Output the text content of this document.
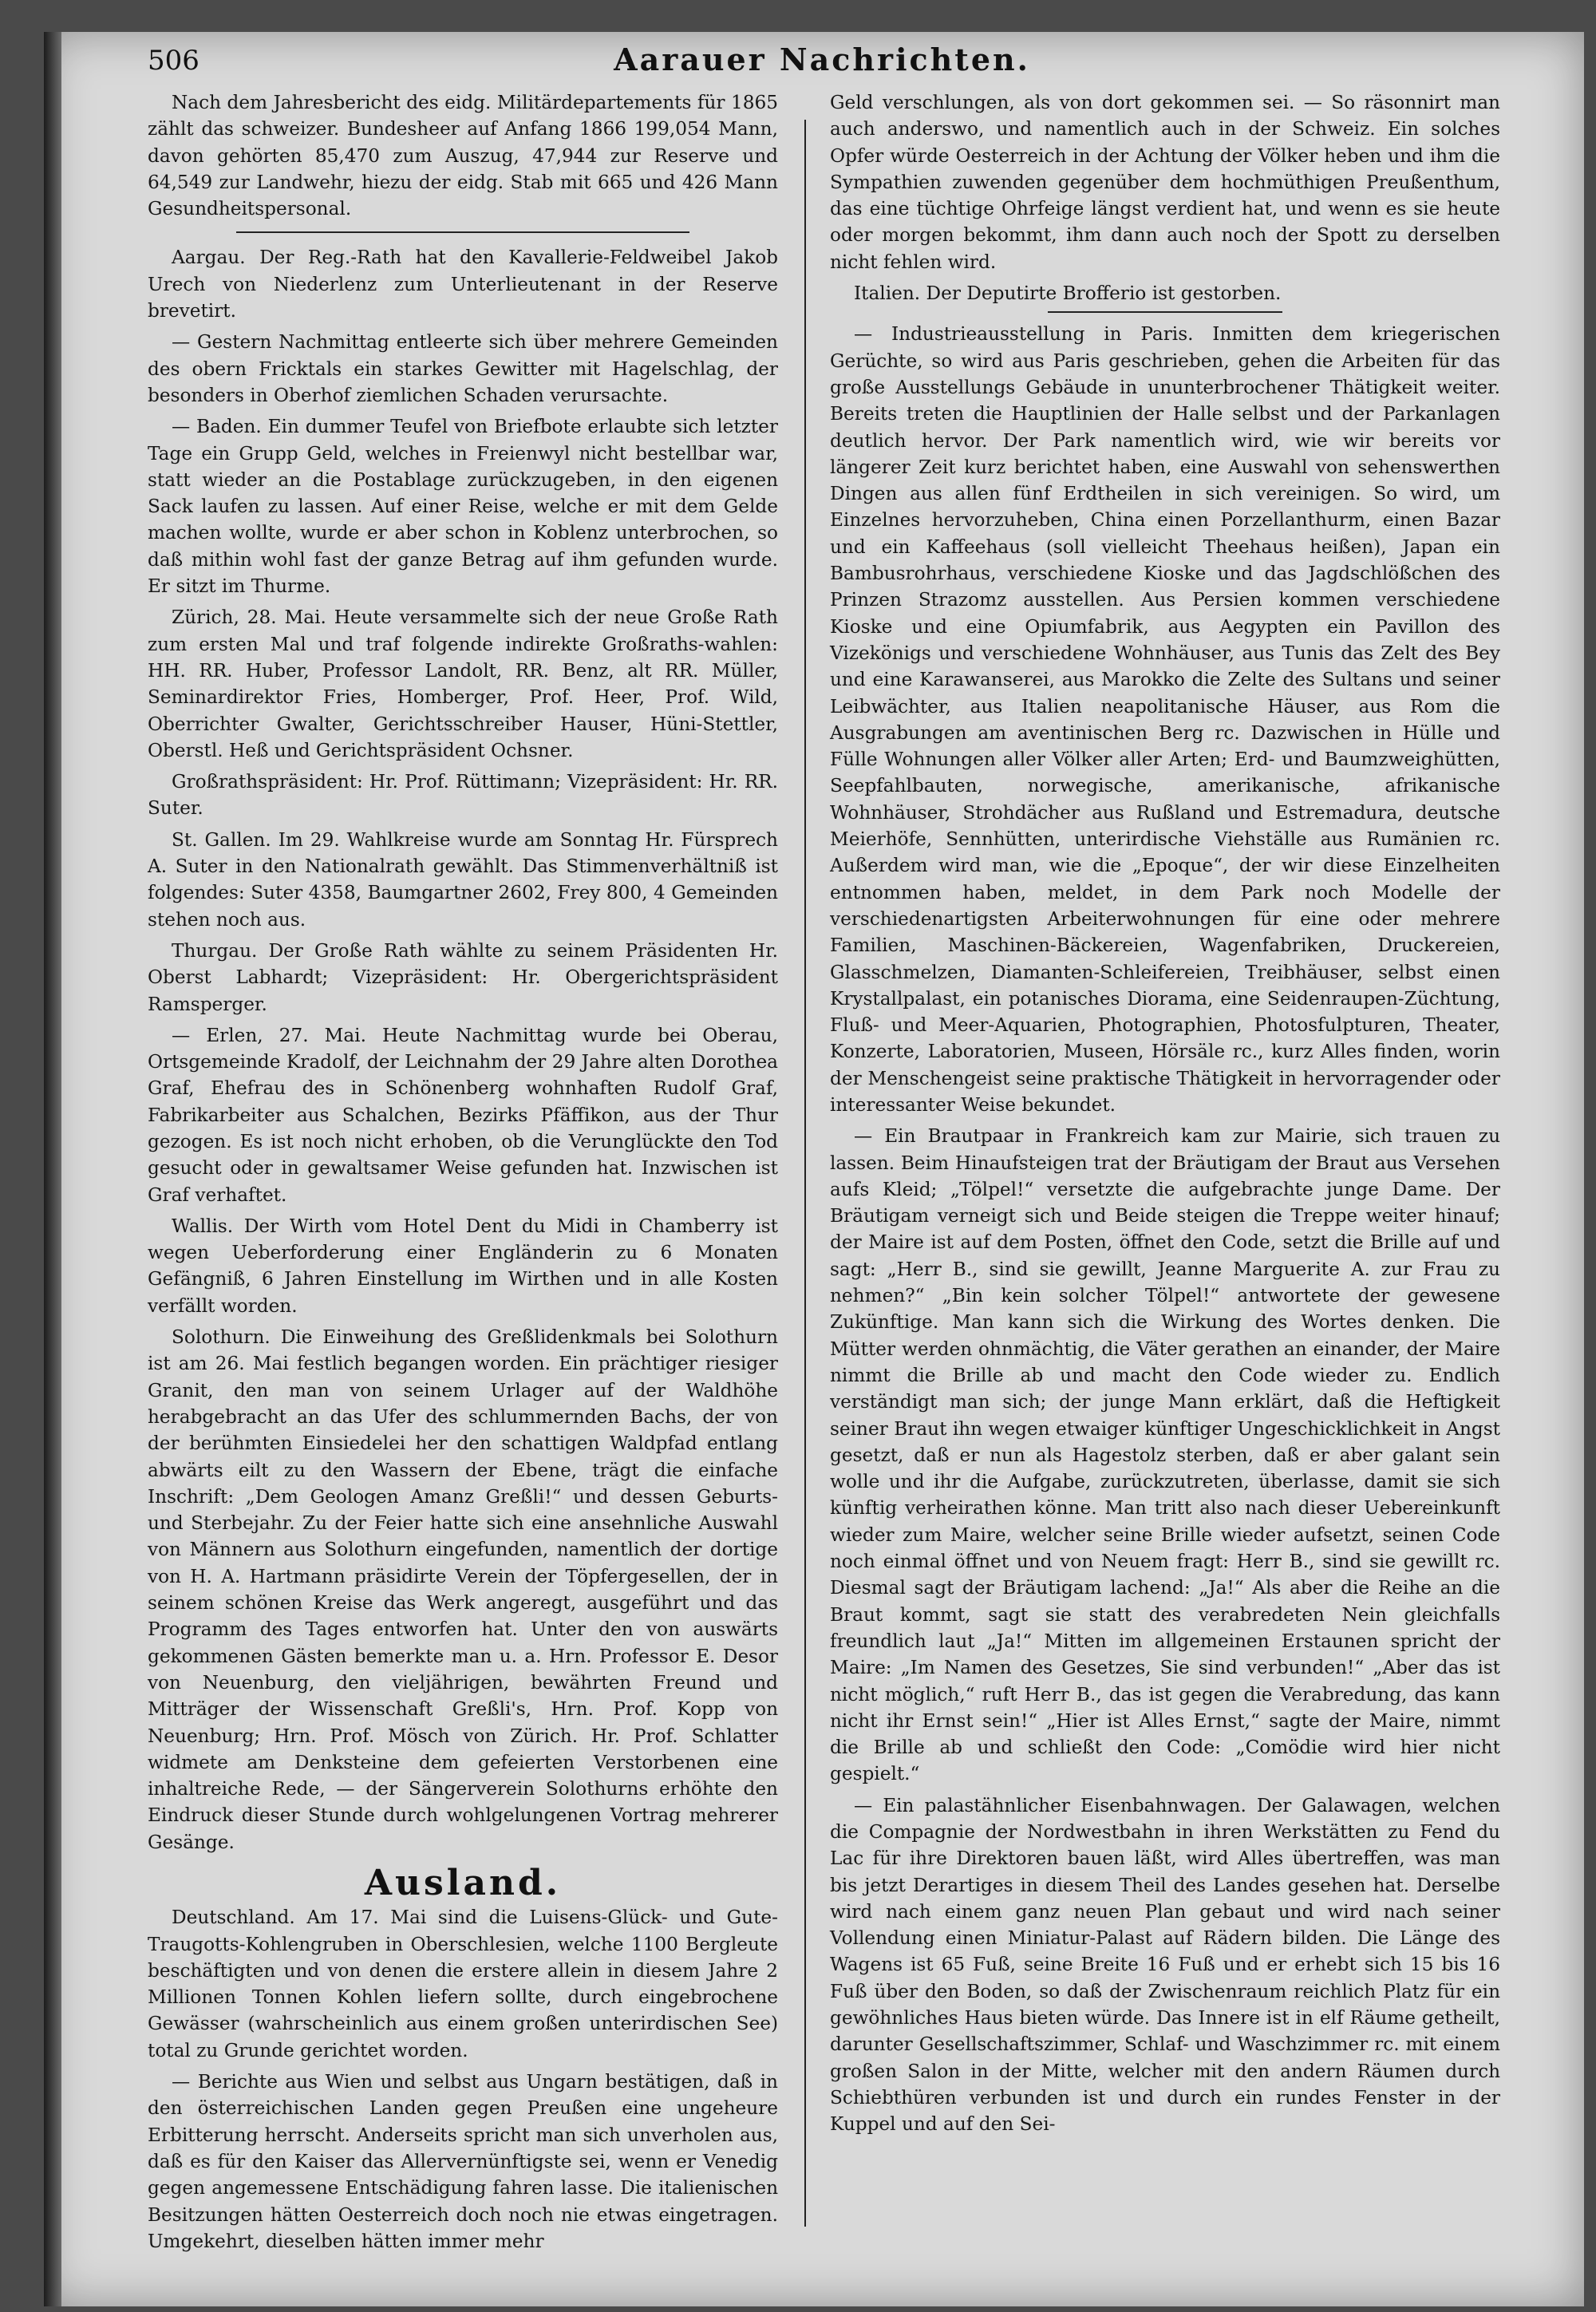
506	Aarauer Nachrichten.

Nach dem Jahresbericht des eidg. Militärdepartements für 1865 zählt das schweizer. Bundesheer auf Anfang 1866 199,054 Mann, davon gehörten 85,470 zum Auszug, 47,944 zur Reserve und 64,549 zur Landwehr, hiezu der eidg. Stab mit 665 und 426 Mann Gesundheitspersonal.

Aargau. Der Reg.-Rath hat den Kavallerie-Feldweibel Jakob Urech von Niederlenz zum Unterlieutenant in der Reserve brevetirt.

— Gestern Nachmittag entleerte sich über mehrere Gemeinden des obern Fricktals ein starkes Gewitter mit Hagelschlag, der besonders in Oberhof ziemlichen Schaden verursachte.

— Baden. Ein dummer Teufel von Briefbote erlaubte sich letzter Tage ein Grupp Geld, welches in Freienwyl nicht bestellbar war, statt wieder an die Postablage zurückzugeben, in den eigenen Sack laufen zu lassen. Auf einer Reise, welche er mit dem Gelde machen wollte, wurde er aber schon in Koblenz unterbrochen, so daß mithin wohl fast der ganze Betrag auf ihm gefunden wurde. Er sitzt im Thurme.

Zürich, 28. Mai. Heute versammelte sich der neue Große Rath zum ersten Mal und traf folgende indirekte Großraths-wahlen: HH. RR. Huber, Professor Landolt, RR. Benz, alt RR. Müller, Seminardirektor Fries, Homberger, Prof. Heer, Prof. Wild, Oberrichter Gwalter, Gerichtsschreiber Hauser, Hüni-Stettler, Oberstl. Heß und Gerichtspräsident Ochsner.

Großrathspräsident: Hr. Prof. Rüttimann; Vizepräsident: Hr. RR. Suter.

St. Gallen. Im 29. Wahlkreise wurde am Sonntag Hr. Fürsprech A. Suter in den Nationalrath gewählt. Das Stimmenverhältniß ist folgendes: Suter 4358, Baumgartner 2602, Frey 800, 4 Gemeinden stehen noch aus.

Thurgau. Der Große Rath wählte zu seinem Präsidenten Hr. Oberst Labhardt; Vizepräsident: Hr. Obergerichtspräsident Ramsperger.

— Erlen, 27. Mai. Heute Nachmittag wurde bei Oberau, Ortsgemeinde Kradolf, der Leichnahm der 29 Jahre alten Dorothea Graf, Ehefrau des in Schönenberg wohnhaften Rudolf Graf, Fabrikarbeiter aus Schalchen, Bezirks Pfäffikon, aus der Thur gezogen. Es ist noch nicht erhoben, ob die Verunglückte den Tod gesucht oder in gewaltsamer Weise gefunden hat. Inzwischen ist Graf verhaftet.

Wallis. Der Wirth vom Hotel Dent du Midi in Chamberry ist wegen Ueberforderung einer Engländerin zu 6 Monaten Gefängniß, 6 Jahren Einstellung im Wirthen und in alle Kosten verfällt worden.

Solothurn. Die Einweihung des Greßlidenkmals bei Solothurn ist am 26. Mai festlich begangen worden. Ein prächtiger riesiger Granit, den man von seinem Urlager auf der Waldhöhe herabgebracht an das Ufer des schlummernden Bachs, der von der berühmten Einsiedelei her den schattigen Waldpfad entlang abwärts eilt zu den Wassern der Ebene, trägt die einfache Inschrift: „Dem Geologen Amanz Greßli!“ und dessen Geburts- und Sterbejahr. Zu der Feier hatte sich eine ansehnliche Auswahl von Männern aus Solothurn eingefunden, namentlich der dortige von H. A. Hartmann präsidirte Verein der Töpfergesellen, der in seinem schönen Kreise das Werk angeregt, ausgeführt und das Programm des Tages entworfen hat. Unter den von auswärts gekommenen Gästen bemerkte man u. a. Hrn. Professor E. Desor von Neuenburg, den vieljährigen, bewährten Freund und Mitträger der Wissenschaft Greßli's, Hrn. Prof. Kopp von Neuenburg; Hrn. Prof. Mösch von Zürich. Hr. Prof. Schlatter widmete am Denksteine dem gefeierten Verstorbenen eine inhaltreiche Rede, — der Sängerverein Solothurns erhöhte den Eindruck dieser Stunde durch wohlgelungenen Vortrag mehrerer Gesänge.

Ausland.

Deutschland. Am 17. Mai sind die Luisens-Glück- und Gute-Traugotts-Kohlengruben in Oberschlesien, welche 1100 Bergleute beschäftigten und von denen die erstere allein in diesem Jahre 2 Millionen Tonnen Kohlen liefern sollte, durch eingebrochene Gewässer (wahrscheinlich aus einem großen unterirdischen See) total zu Grunde gerichtet worden.

— Berichte aus Wien und selbst aus Ungarn bestätigen, daß in den österreichischen Landen gegen Preußen eine ungeheure Erbitterung herrscht. Anderseits spricht man sich unverholen aus, daß es für den Kaiser das Allervernünftigste sei, wenn er Venedig gegen angemessene Entschädigung fahren lasse. Die italienischen Besitzungen hätten Oesterreich doch noch nie etwas eingetragen. Umgekehrt, dieselben hätten immer mehr

Geld verschlungen, als von dort gekommen sei. — So räsonnirt man auch anderswo, und namentlich auch in der Schweiz. Ein solches Opfer würde Oesterreich in der Achtung der Völker heben und ihm die Sympathien zuwenden gegenüber dem hochmüthigen Preußenthum, das eine tüchtige Ohrfeige längst verdient hat, und wenn es sie heute oder morgen bekommt, ihm dann auch noch der Spott zu derselben nicht fehlen wird.

Italien. Der Deputirte Brofferio ist gestorben.

— Industrieausstellung in Paris. Inmitten dem kriegerischen Gerüchte, so wird aus Paris geschrieben, gehen die Arbeiten für das große Ausstellungs Gebäude in ununterbrochener Thätigkeit weiter. Bereits treten die Hauptlinien der Halle selbst und der Parkanlagen deutlich hervor. Der Park namentlich wird, wie wir bereits vor längerer Zeit kurz berichtet haben, eine Auswahl von sehenswerthen Dingen aus allen fünf Erdtheilen in sich vereinigen. So wird, um Einzelnes hervorzuheben, China einen Porzellanthurm, einen Bazar und ein Kaffeehaus (soll vielleicht Theehaus heißen), Japan ein Bambusrohrhaus, verschiedene Kioske und das Jagdschlößchen des Prinzen Strazomz ausstellen. Aus Persien kommen verschiedene Kioske und eine Opiumfabrik, aus Aegypten ein Pavillon des Vizekönigs und verschiedene Wohnhäuser, aus Tunis das Zelt des Bey und eine Karawanserei, aus Marokko die Zelte des Sultans und seiner Leibwächter, aus Italien neapolitanische Häuser, aus Rom die Ausgrabungen am aventinischen Berg rc. Dazwischen in Hülle und Fülle Wohnungen aller Völker aller Arten; Erd- und Baumzweighütten, Seepfahlbauten, norwegische, amerikanische, afrikanische Wohnhäuser, Strohdächer aus Rußland und Estremadura, deutsche Meierhöfe, Sennhütten, unterirdische Viehställe aus Rumänien rc. Außerdem wird man, wie die „Epoque“, der wir diese Einzelheiten entnommen haben, meldet, in dem Park noch Modelle der verschiedenartigsten Arbeiterwohnungen für eine oder mehrere Familien, Maschinen-Bäckereien, Wagenfabriken, Druckereien, Glasschmelzen, Diamanten-Schleifereien, Treibhäuser, selbst einen Krystallpalast, ein potanisches Diorama, eine Seidenraupen-Züchtung, Fluß- und Meer-Aquarien, Photographien, Photosfulpturen, Theater, Konzerte, Laboratorien, Museen, Hörsäle rc., kurz Alles finden, worin der Menschengeist seine praktische Thätigkeit in hervorragender oder interessanter Weise bekundet.

— Ein Brautpaar in Frankreich kam zur Mairie, sich trauen zu lassen. Beim Hinaufsteigen trat der Bräutigam der Braut aus Versehen aufs Kleid; „Tölpel!“ versetzte die aufgebrachte junge Dame. Der Bräutigam verneigt sich und Beide steigen die Treppe weiter hinauf; der Maire ist auf dem Posten, öffnet den Code, setzt die Brille auf und sagt: „Herr B., sind sie gewillt, Jeanne Marguerite A. zur Frau zu nehmen?“ „Bin kein solcher Tölpel!“ antwortete der gewesene Zukünftige. Man kann sich die Wirkung des Wortes denken. Die Mütter werden ohnmächtig, die Väter gerathen an einander, der Maire nimmt die Brille ab und macht den Code wieder zu. Endlich verständigt man sich; der junge Mann erklärt, daß die Heftigkeit seiner Braut ihn wegen etwaiger künftiger Ungeschicklichkeit in Angst gesetzt, daß er nun als Hagestolz sterben, daß er aber galant sein wolle und ihr die Aufgabe, zurückzutreten, überlasse, damit sie sich künftig verheirathen könne. Man tritt also nach dieser Uebereinkunft wieder zum Maire, welcher seine Brille wieder aufsetzt, seinen Code noch einmal öffnet und von Neuem fragt: Herr B., sind sie gewillt rc. Diesmal sagt der Bräutigam lachend: „Ja!“ Als aber die Reihe an die Braut kommt, sagt sie statt des verabredeten Nein gleichfalls freundlich laut „Ja!“ Mitten im allgemeinen Erstaunen spricht der Maire: „Im Namen des Gesetzes, Sie sind verbunden!“ „Aber das ist nicht möglich,“ ruft Herr B., das ist gegen die Verabredung, das kann nicht ihr Ernst sein!“ „Hier ist Alles Ernst,“ sagte der Maire, nimmt die Brille ab und schließt den Code: „Comödie wird hier nicht gespielt.“

— Ein palastähnlicher Eisenbahnwagen. Der Galawagen, welchen die Compagnie der Nordwestbahn in ihren Werkstätten zu Fend du Lac für ihre Direktoren bauen läßt, wird Alles übertreffen, was man bis jetzt Derartiges in diesem Theil des Landes gesehen hat. Derselbe wird nach einem ganz neuen Plan gebaut und wird nach seiner Vollendung einen Miniatur-Palast auf Rädern bilden. Die Länge des Wagens ist 65 Fuß, seine Breite 16 Fuß und er erhebt sich 15 bis 16 Fuß über den Boden, so daß der Zwischenraum reichlich Platz für ein gewöhnliches Haus bieten würde. Das Innere ist in elf Räume getheilt, darunter Gesellschaftszimmer, Schlaf- und Waschzimmer rc. mit einem großen Salon in der Mitte, welcher mit den andern Räumen durch Schiebthüren verbunden ist und durch ein rundes Fenster in der Kuppel und auf den Sei-
